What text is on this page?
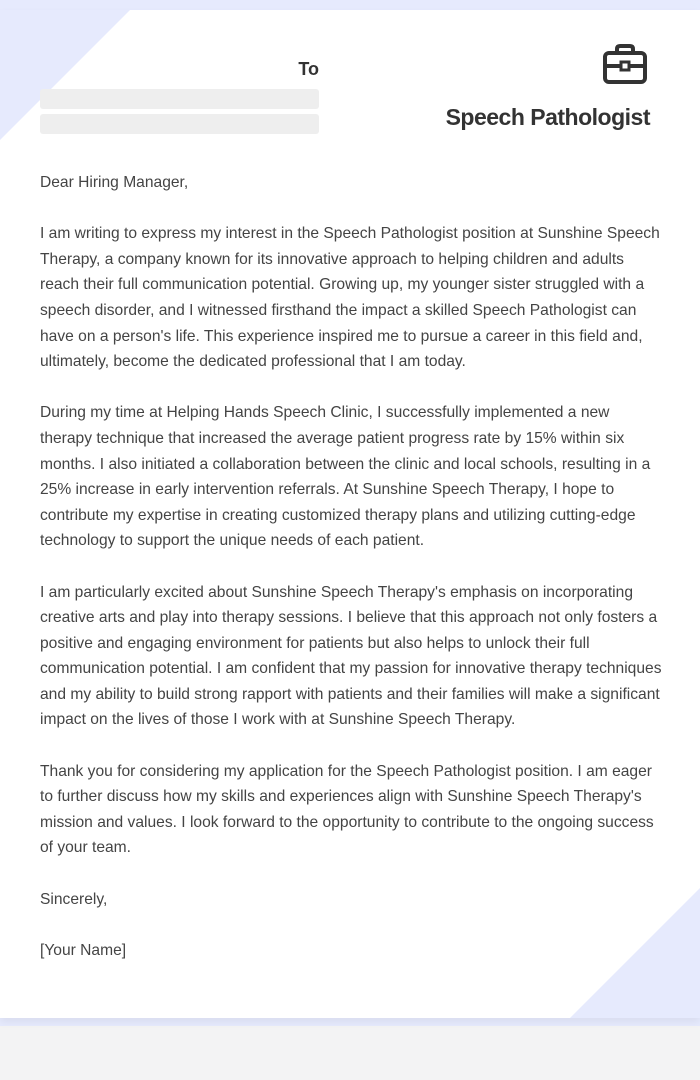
To
Speech Pathologist

Dear Hiring Manager,

I am writing to express my interest in the Speech Pathologist position at Sunshine Speech Therapy, a company known for its innovative approach to helping children and adults reach their full communication potential. Growing up, my younger sister struggled with a speech disorder, and I witnessed firsthand the impact a skilled Speech Pathologist can have on a person's life. This experience inspired me to pursue a career in this field and, ultimately, become the dedicated professional that I am today.

During my time at Helping Hands Speech Clinic, I successfully implemented a new therapy technique that increased the average patient progress rate by 15% within six months. I also initiated a collaboration between the clinic and local schools, resulting in a 25% increase in early intervention referrals. At Sunshine Speech Therapy, I hope to contribute my expertise in creating customized therapy plans and utilizing cutting-edge technology to support the unique needs of each patient.

I am particularly excited about Sunshine Speech Therapy's emphasis on incorporating creative arts and play into therapy sessions. I believe that this approach not only fosters a positive and engaging environment for patients but also helps to unlock their full communication potential. I am confident that my passion for innovative therapy techniques and my ability to build strong rapport with patients and their families will make a significant impact on the lives of those I work with at Sunshine Speech Therapy.

Thank you for considering my application for the Speech Pathologist position. I am eager to further discuss how my skills and experiences align with Sunshine Speech Therapy's mission and values. I look forward to the opportunity to contribute to the ongoing success of your team.

Sincerely,

[Your Name]
